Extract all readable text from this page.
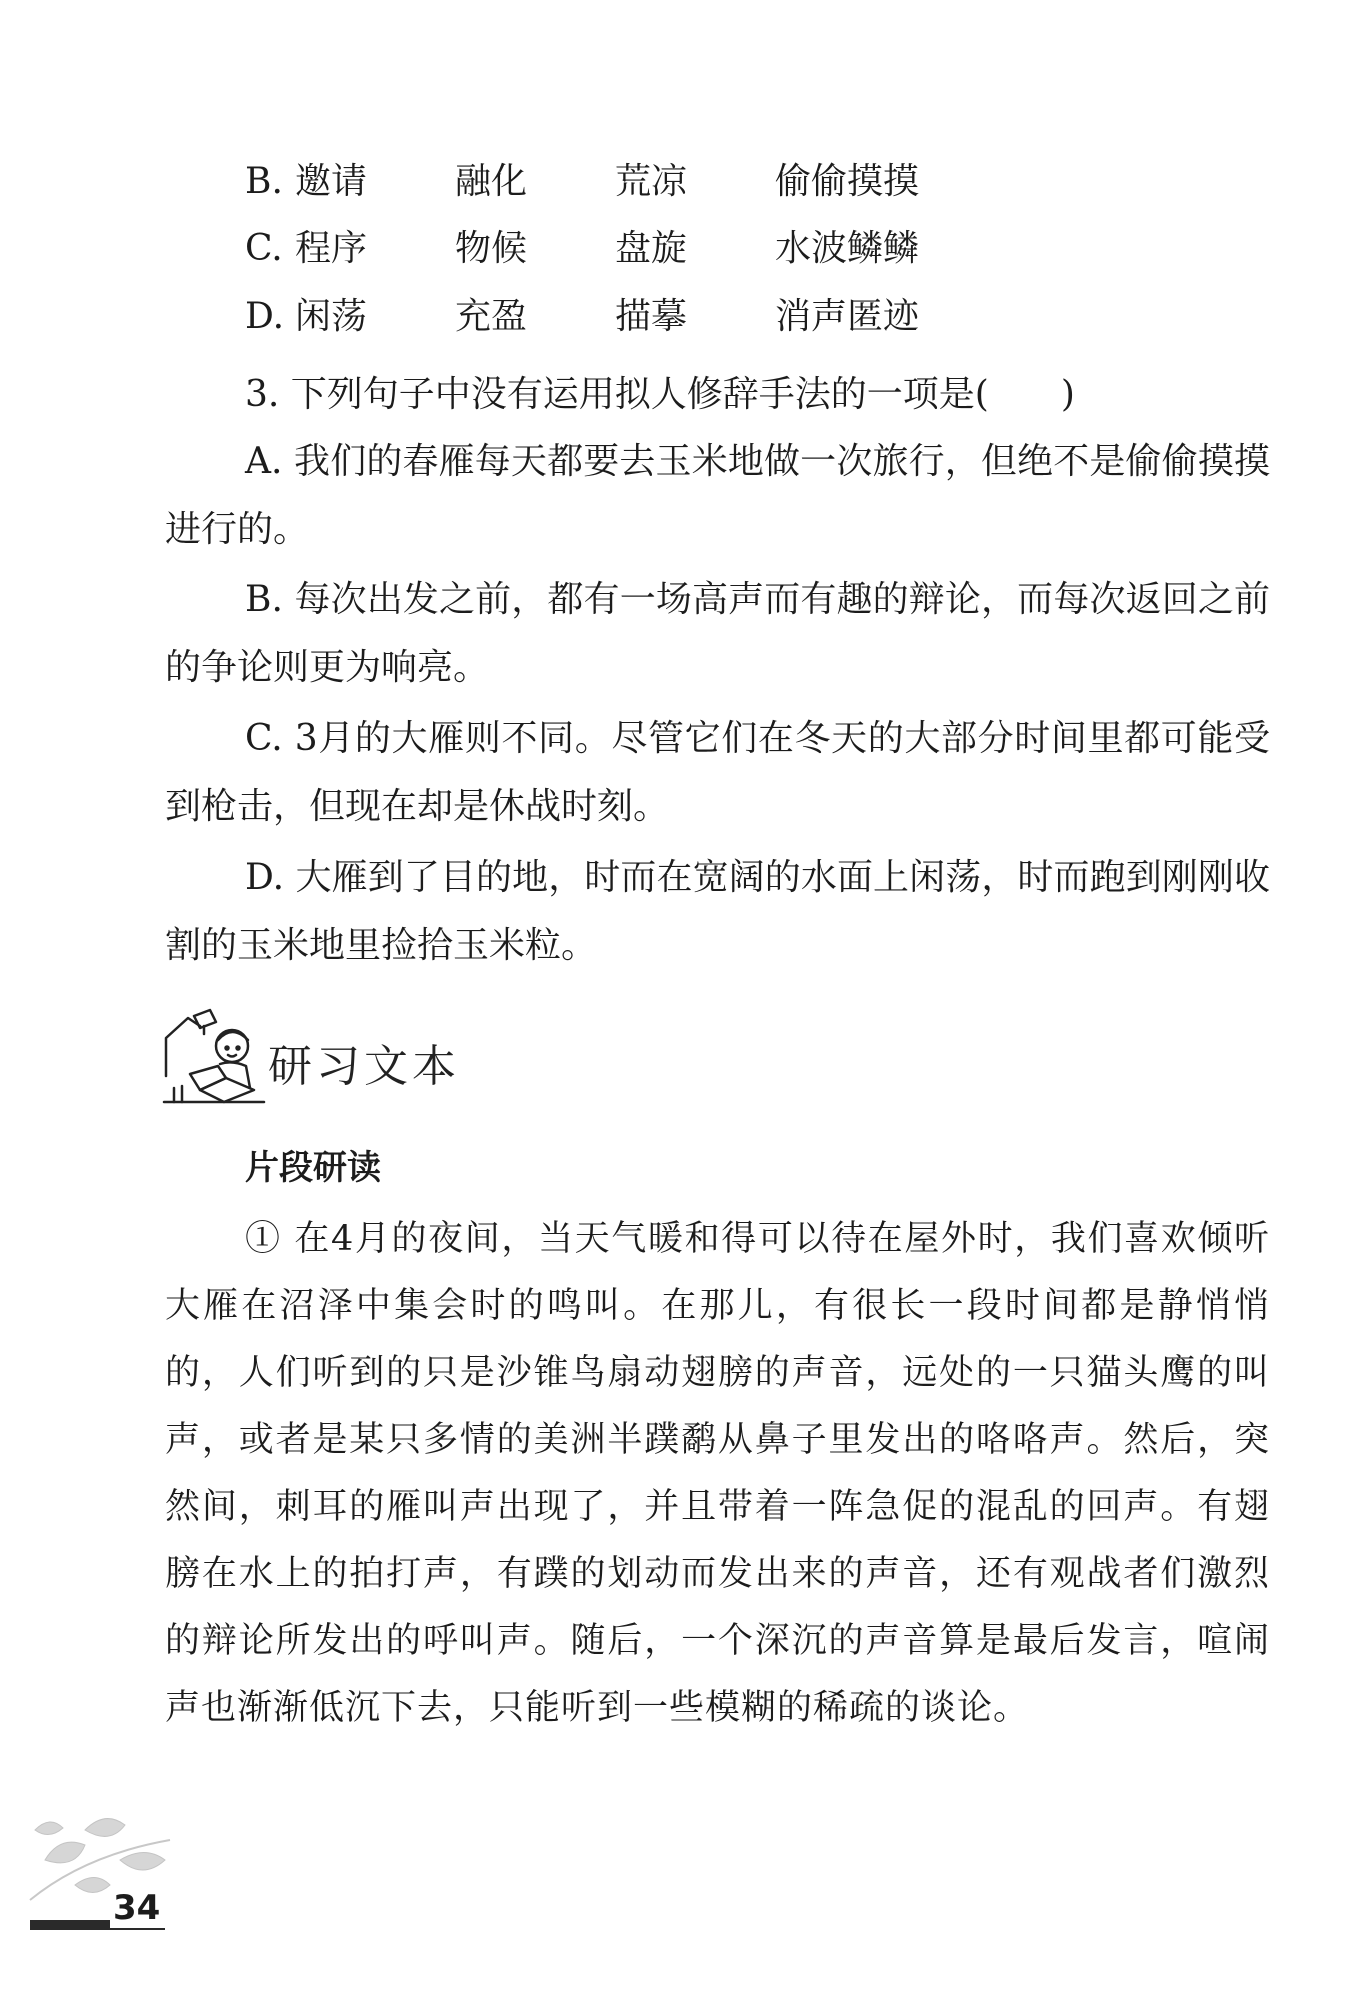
B. 邀请 融化 荒凉 偷偷摸摸
C. 程序 物候 盘旋 水波鳞鳞
D. 闲荡 充盈 描摹 消声匿迹
3. 下列句子中没有运用拟人修辞手法的一项是(　　)

A. 我们的春雁每天都要去玉米地做一次旅行，但绝不是偷偷摸摸进行的。

B. 每次出发之前，都有一场高声而有趣的辩论，而每次返回之前的争论则更为响亮。

C. 3月的大雁则不同。尽管它们在冬天的大部分时间里都可能受到枪击，但现在却是休战时刻。

D. 大雁到了目的地，时而在宽阔的水面上闲荡，时而跑到刚刚收割的玉米地里捡拾玉米粒。

研习文本
片段研读

① 在4月的夜间，当天气暖和得可以待在屋外时，我们喜欢倾听大雁在沼泽中集会时的鸣叫。在那儿，有很长一段时间都是静悄悄的，人们听到的只是沙锥鸟扇动翅膀的声音，远处的一只猫头鹰的叫声，或者是某只多情的美洲半蹼鹬从鼻子里发出的咯咯声。然后，突然间，刺耳的雁叫声出现了，并且带着一阵急促的混乱的回声。有翅膀在水上的拍打声，有蹼的划动而发出来的声音，还有观战者们激烈的辩论所发出的呼叫声。随后，一个深沉的声音算是最后发言，喧闹声也渐渐低沉下去，只能听到一些模糊的稀疏的谈论。

34
